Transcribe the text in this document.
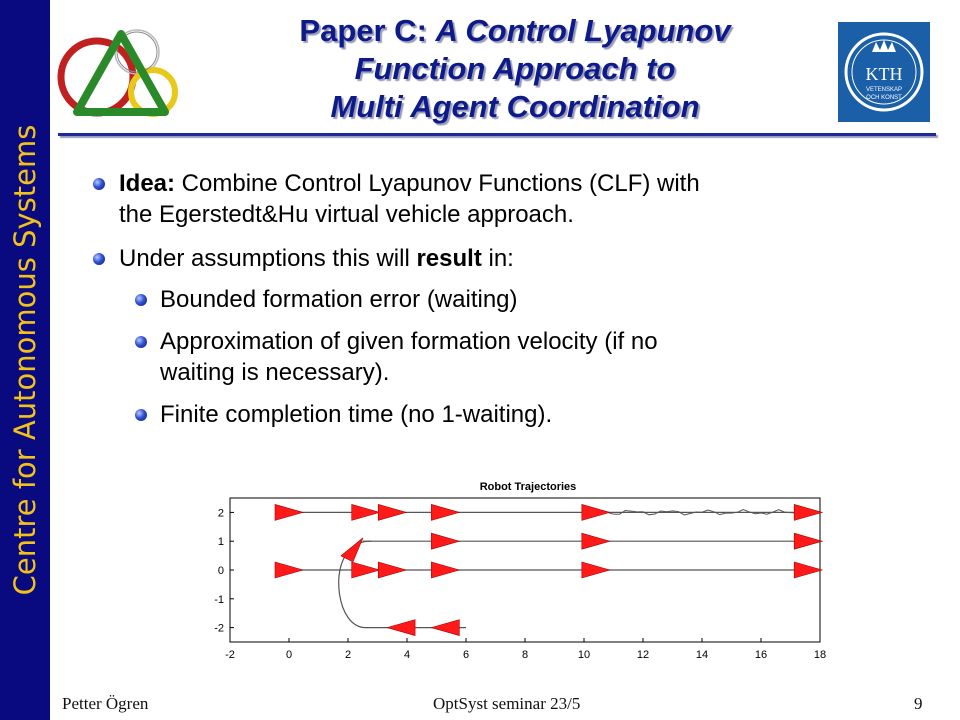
Centre for Autonomous Systems
KTH
VETENSKAP
OCH KONST
Paper C: A Control Lyapunov
Function Approach to
Multi Agent Coordination
Idea: Combine Control Lyapunov Functions (CLF) with
the Egerstedt&Hu virtual vehicle approach.
Under assumptions this will result in:
Bounded formation error (waiting)
Approximation of given formation velocity (if no
waiting is necessary).
Finite completion time (no 1-waiting).
Robot Trajectories
-2	0	2	4	6	8	10	12	14	16	18
2
1
0
-1
-2
Petter Ögren	OptSyst seminar 23/5	9
